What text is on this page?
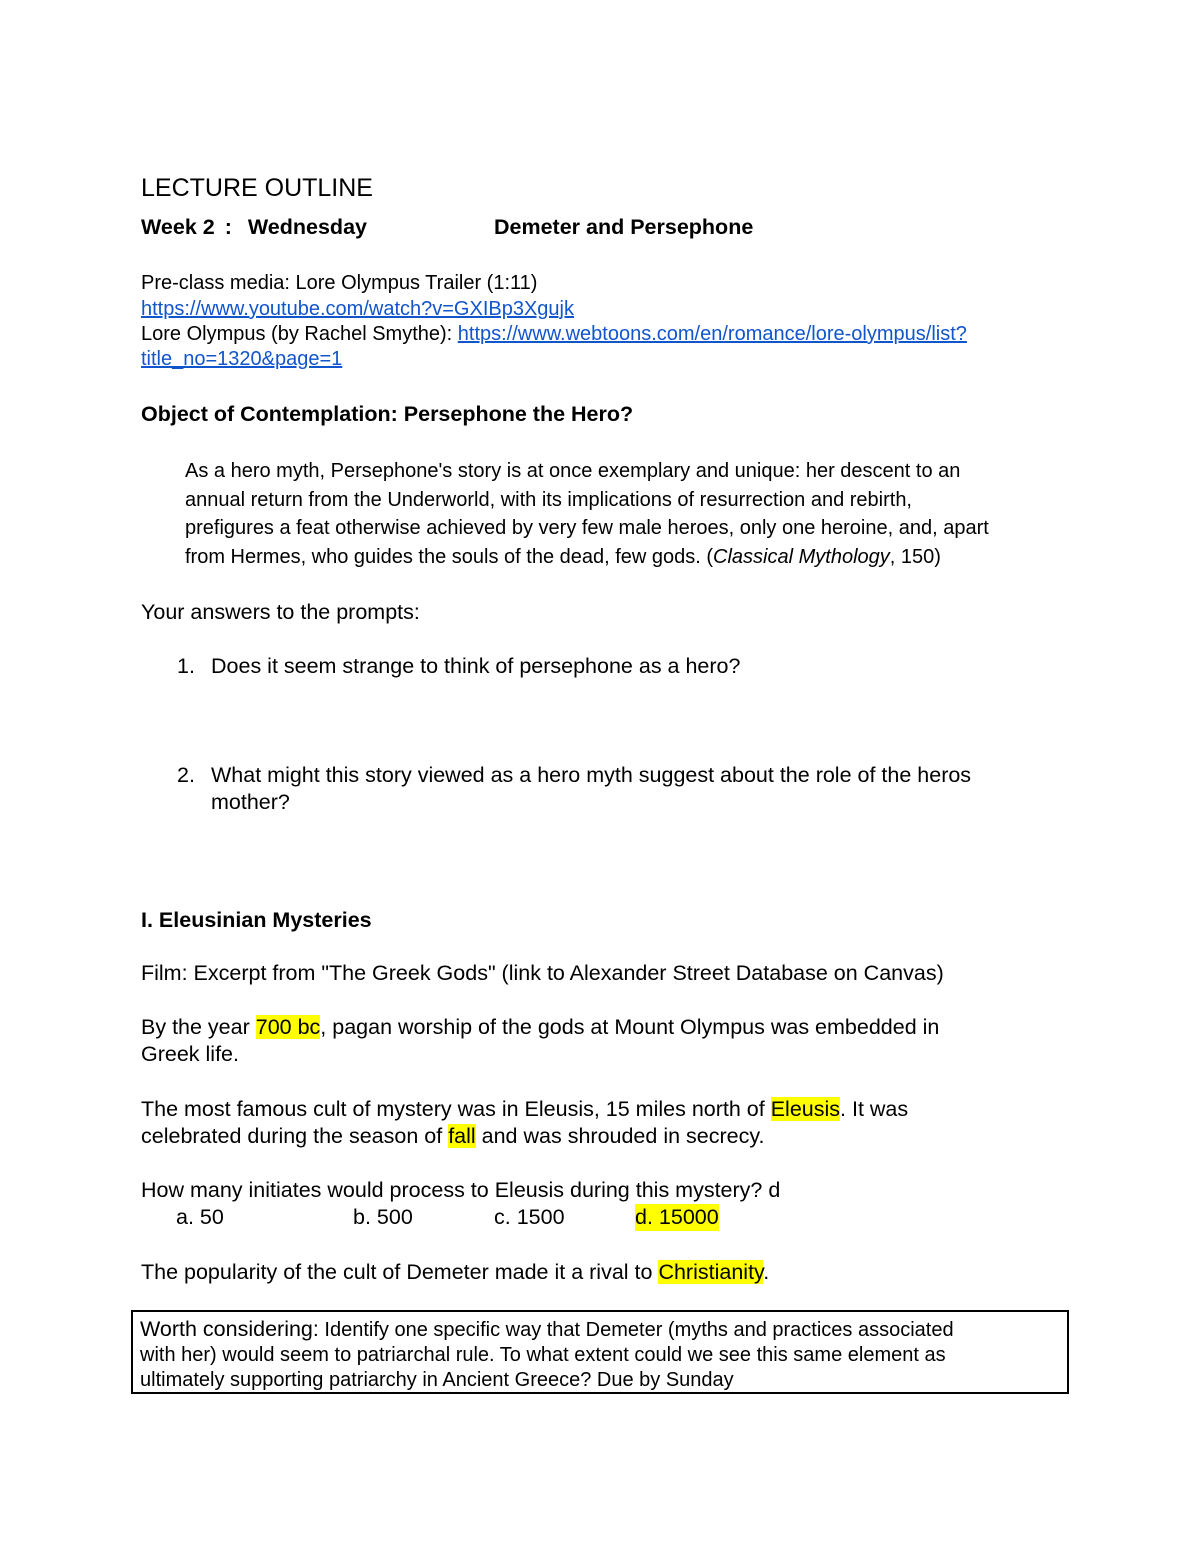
LECTURE OUTLINE
Week 2 : Wednesday	Demeter and Persephone
Pre-class media: Lore Olympus Trailer (1:11)
https://www.youtube.com/watch?v=GXIBp3Xgujk
Lore Olympus (by Rachel Smythe): https://www.webtoons.com/en/romance/lore-olympus/list?
title_no=1320&page=1
Object of Contemplation: Persephone the Hero?
As a hero myth, Persephone's story is at once exemplary and unique: her descent to an
annual return from the Underworld, with its implications of resurrection and rebirth,
prefigures a feat otherwise achieved by very few male heroes, only one heroine, and, apart
from Hermes, who guides the souls of the dead, few gods. (Classical Mythology, 150)
Your answers to the prompts:
1. Does it seem strange to think of persephone as a hero?
2. What might this story viewed as a hero myth suggest about the role of the heros
mother?
I. Eleusinian Mysteries
Film: Excerpt from "The Greek Gods" (link to Alexander Street Database on Canvas)
By the year 700 bc, pagan worship of the gods at Mount Olympus was embedded in
Greek life.
The most famous cult of mystery was in Eleusis, 15 miles north of Eleusis. It was
celebrated during the season of fall and was shrouded in secrecy.
How many initiates would process to Eleusis during this mystery? d
a. 50	b. 500	c. 1500	d. 15000
The popularity of the cult of Demeter made it a rival to Christianity.
Worth considering: Identify one specific way that Demeter (myths and practices associated
with her) would seem to patriarchal rule. To what extent could we see this same element as
ultimately supporting patriarchy in Ancient Greece? Due by Sunday
